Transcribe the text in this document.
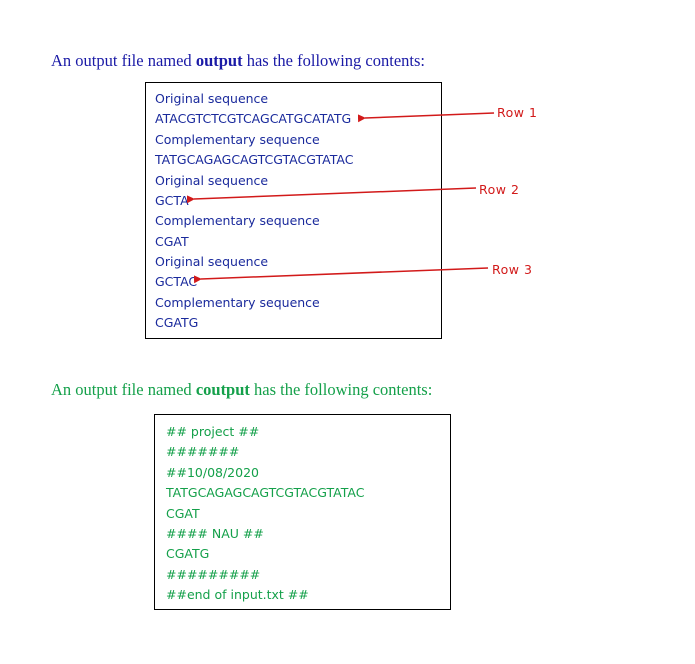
An output file named output has the following contents:
Original sequence
ATACGTCTCGTCAGCATGCATATG
Complementary sequence
TATGCAGAGCAGTCGTACGTATAC
Original sequence
GCTA
Complementary sequence
CGAT
Original sequence
GCTAC
Complementary sequence
CGATG
Row 1
Row 2
Row 3
An output file named coutput has the following contents:
## project ##
#######
##10/08/2020
TATGCAGAGCAGTCGTACGTATAC
CGAT
#### NAU ##
CGATG
#########
##end of input.txt ##
